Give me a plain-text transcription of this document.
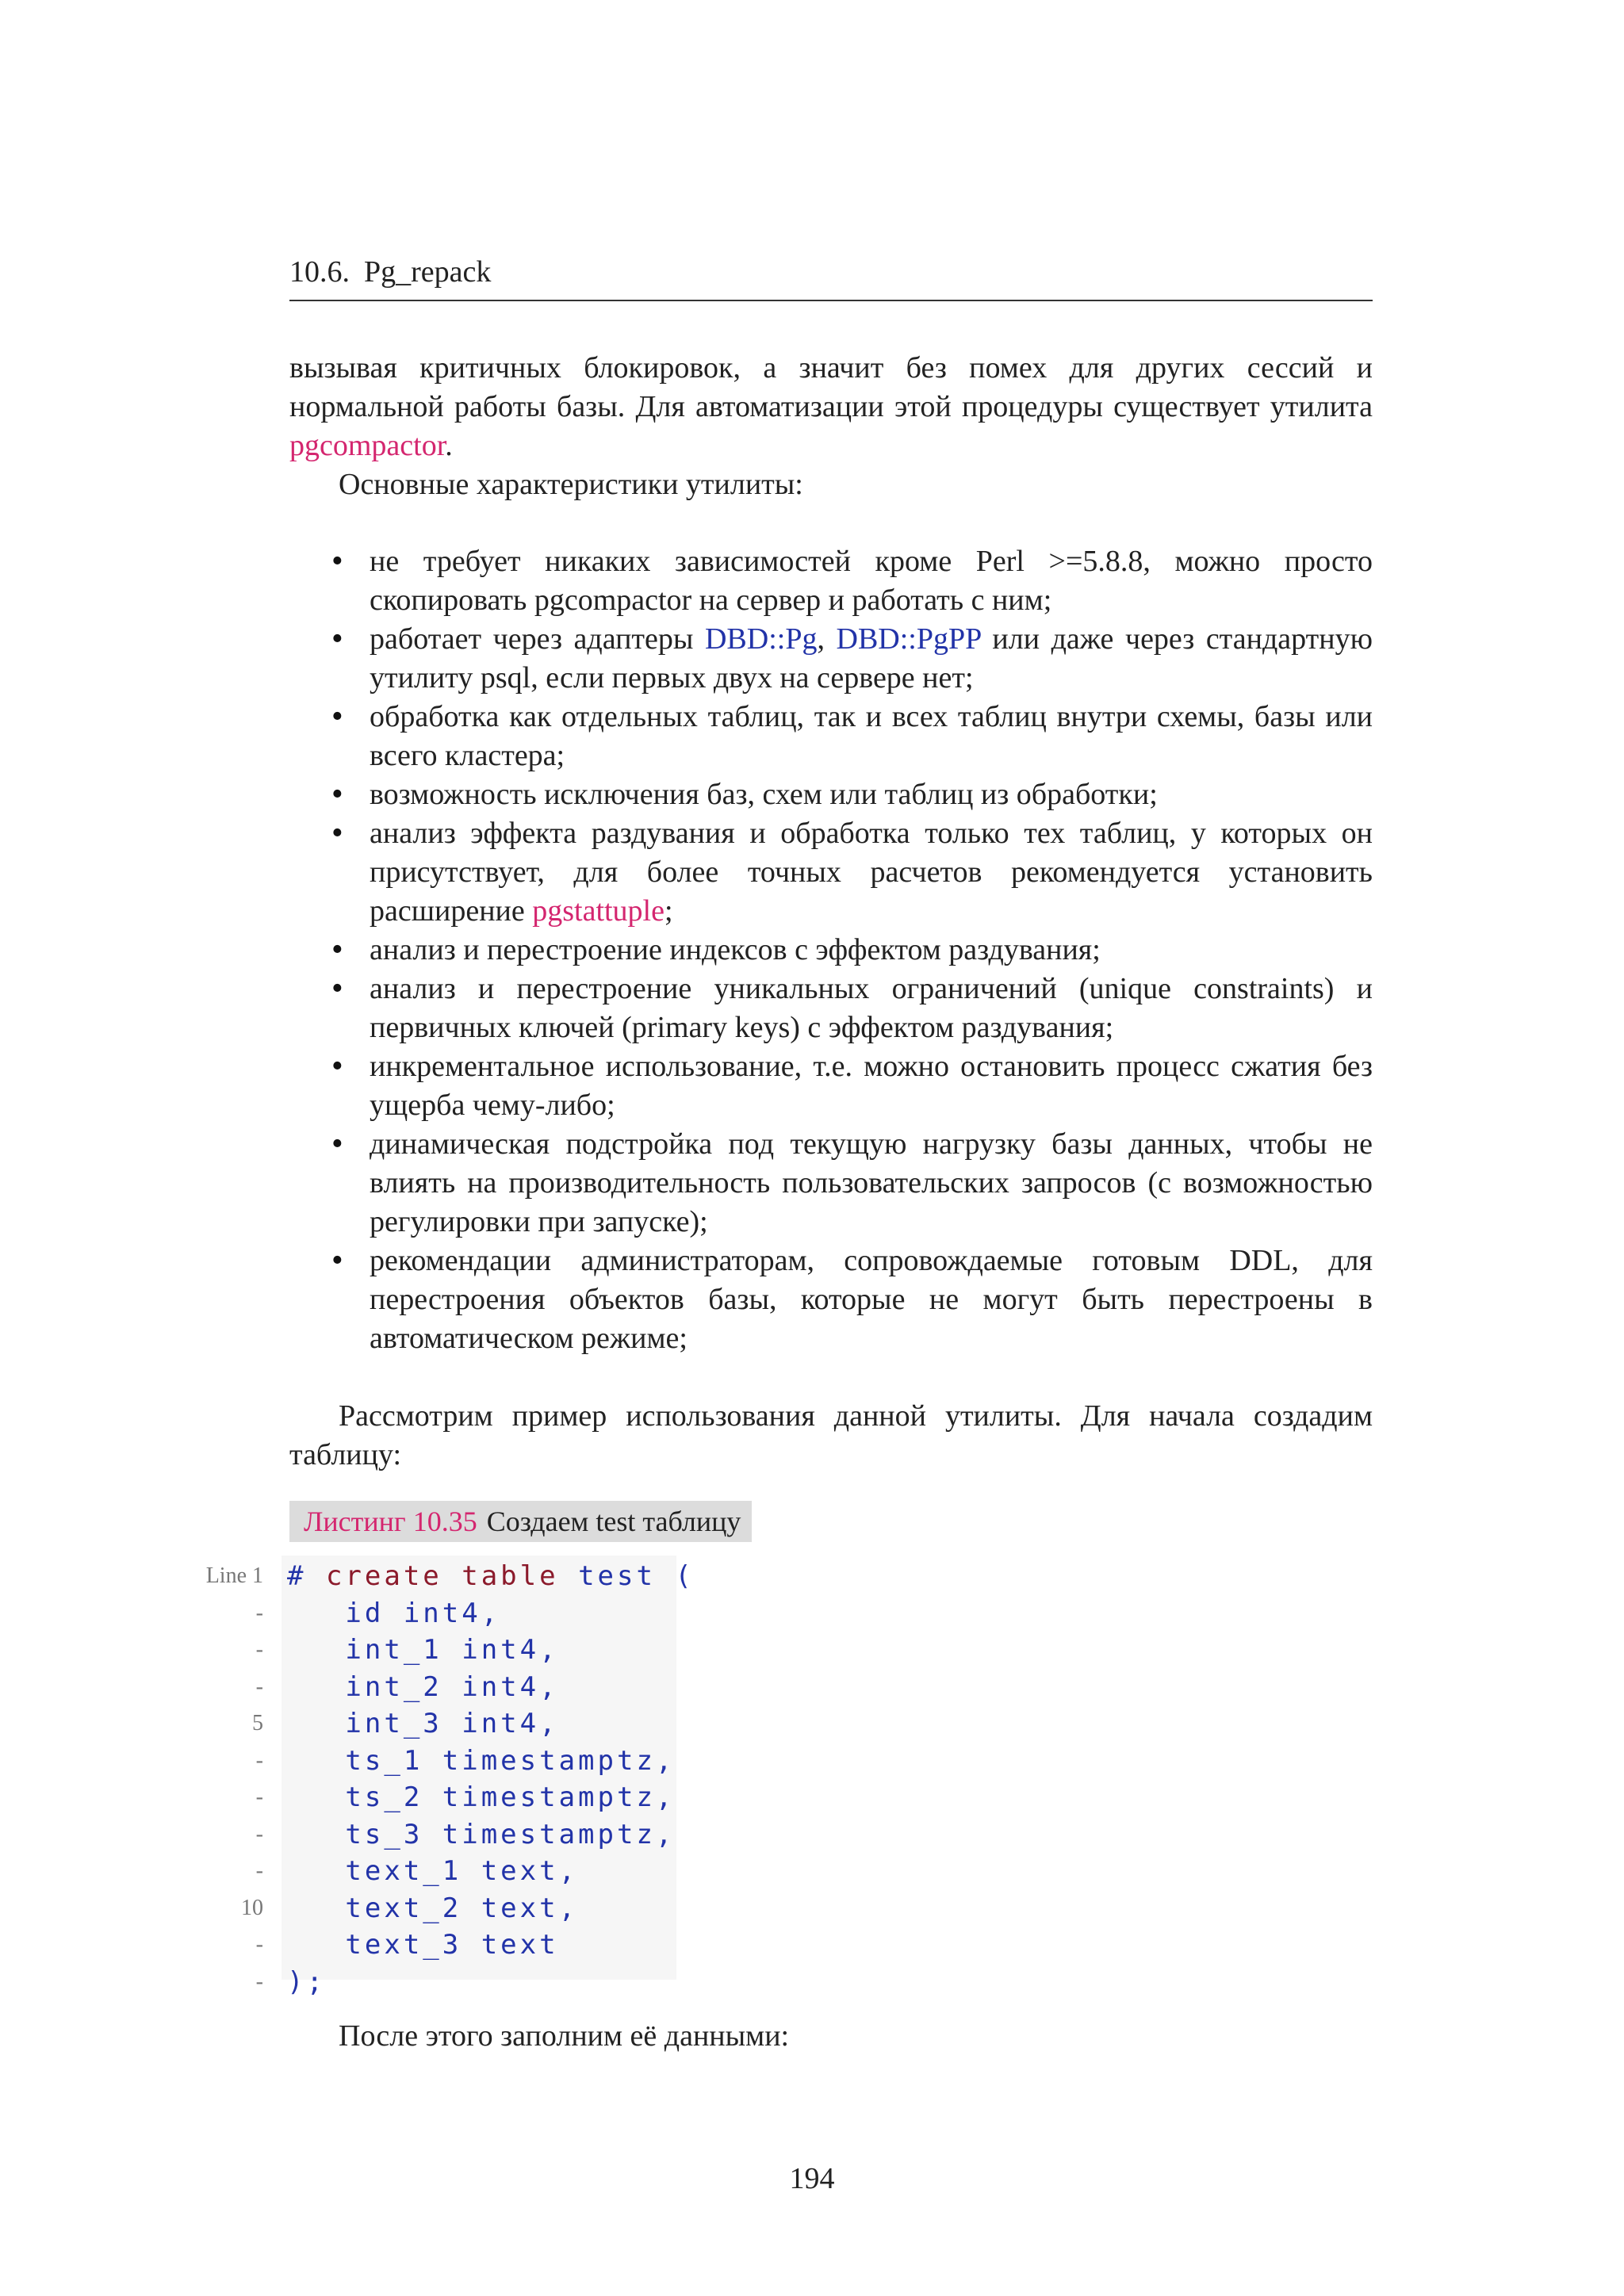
10.6. Pg_repack
вызывая критичных блокировок, а значит без помех для других сессий и нормальной работы базы. Для автоматизации этой процедуры существует утилита pgcompactor.
Основные характеристики утилиты:
• не требует никаких зависимостей кроме Perl >=5.8.8, можно просто скопировать pgcompactor на сервер и работать с ним;
• работает через адаптеры DBD::Pg, DBD::PgPP или даже через стандартную утилиту psql, если первых двух на сервере нет;
• обработка как отдельных таблиц, так и всех таблиц внутри схемы, базы или всего кластера;
• возможность исключения баз, схем или таблиц из обработки;
• анализ эффекта раздувания и обработка только тех таблиц, у которых он присутствует, для более точных расчетов рекомендуется установить расширение pgstattuple;
• анализ и перестроение индексов с эффектом раздувания;
• анализ и перестроение уникальных ограничений (unique constraints) и первичных ключей (primary keys) с эффектом раздувания;
• инкрементальное использование, т.е. можно остановить процесс сжатия без ущерба чему-либо;
• динамическая подстройка под текущую нагрузку базы данных, чтобы не влиять на производительность пользовательских запросов (с возможностью регулировки при запуске);
• рекомендации администраторам, сопровождаемые готовым DDL, для перестроения объектов базы, которые не могут быть перестроены в автоматическом режиме;
Рассмотрим пример использования данной утилиты. Для начала создадим таблицу:
Листинг 10.35 Создаем test таблицу
Line 1 # create table test (
- id int4,
- int_1 int4,
- int_2 int4,
5 int_3 int4,
- ts_1 timestamptz,
- ts_2 timestamptz,
- ts_3 timestamptz,
- text_1 text,
10 text_2 text,
- text_3 text
- );
После этого заполним её данными:
194
